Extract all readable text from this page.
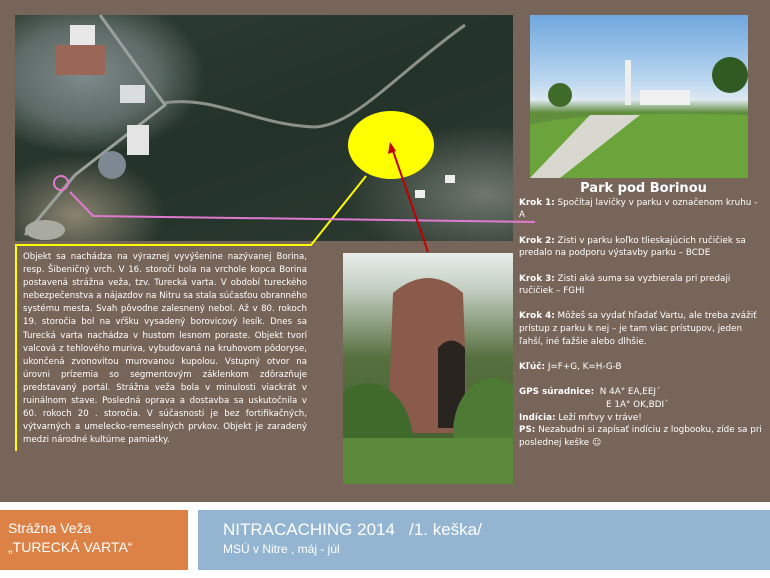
Objekt sa nachádza na výraznej vyvýšenine nazývanej Borina, resp. Šibeničný vrch. V 16. storočí bola na vrchole kopca Borina postavená strážna veža, tzv. Turecká varta. V období tureckého nebezpečenstva a nájazdov na Nitru sa stala súčasťou obranného systému mesta. Svah pôvodne zalesnený nebol. Až v 80. rokoch 19. storočia bol na vŕšku vysadený borovicový lesík. Dnes sa Turecká varta nachádza v hustom lesnom poraste. Objekt tvorí valcová z tehlového muriva, vybudovaná na kruhovom pôdoryse, ukončená zvonovitou murovanou kupolou. Vstupný otvor na úrovni prízemia so segmentovým záklenkom zdôrazňuje predstavaný portál. Strážna veža bola v minulosti viackrát v ruinálnom stave. Posledná oprava a dostavba sa uskutočnila v 60. rokoch 20 . storočia. V súčasnosti je bez fortifikačných, výtvarných a umelecko-remeselných prvkov. Objekt je zaradený medzi národné kultúrne pamiatky.
Park pod Borinou

Krok 1: Spočítaj lavičky v parku v označenom kruhu - A

Krok 2: Zisti v parku koľko tlieskajúcich ručičiek sa predalo na podporu výstavby parku – BCDE

Krok 3: Zisti aká suma sa vyzbierala pri predaji ručičiek – FGHI

Krok 4: Môžeš sa vydať hľadať Vartu, ale treba zvážiť prístup z parku k nej – je tam viac prístupov, jeden ľahší, iné ťažšie alebo dlhšie.

Kľúč: J=F+G, K=H-G-B

GPS súradnice: N 4A° EA,EEJ´
E 1A° OK,BDI´

Indícia: Leží mŕtvy v tráve!

PS: Nezabudni si zapísať indíciu z logbooku, zíde sa pri poslednej keške ☺

Strážna Veža
„TURECKÁ VARTA“
NITRACACHING 2014   /1. keška/
MSÚ v Nitre , máj - júl
